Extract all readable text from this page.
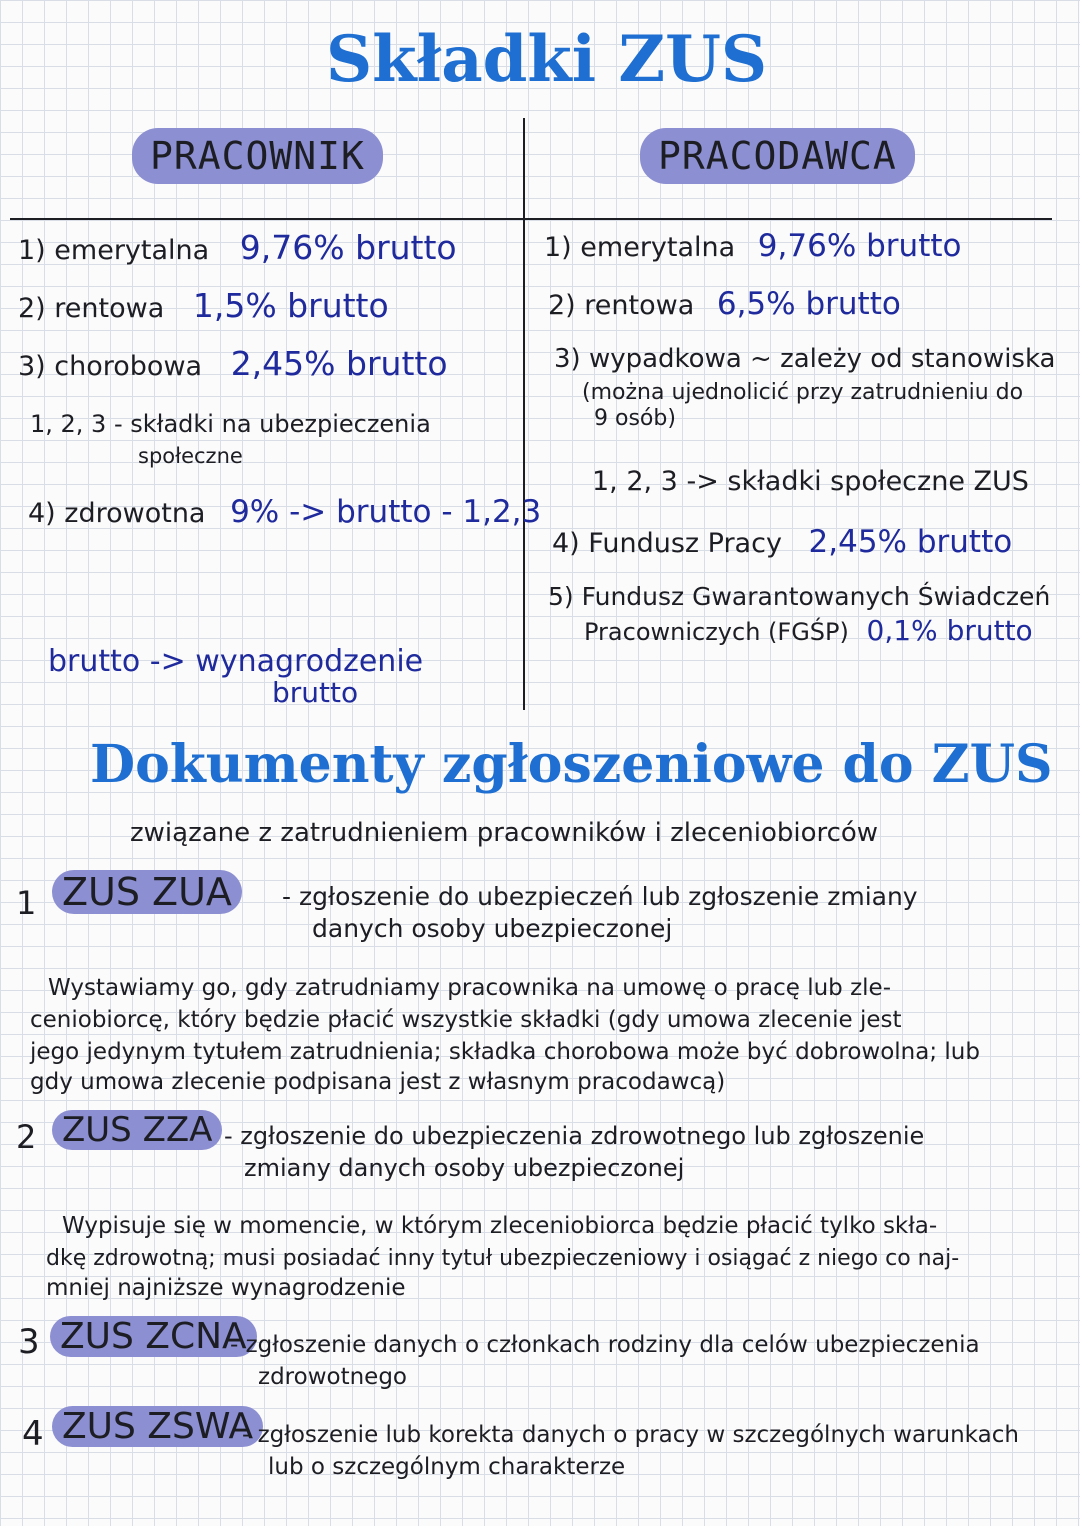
Składki ZUS
PRACOWNIK	PRACODAWCA
1) emerytalna 9,76% brutto
2) rentowa 1,5% brutto
3) chorobowa 2,45% brutto
1, 2, 3 - składki na ubezpieczenia
społeczne
4) zdrowotna 9% -> brutto - 1,2,3
brutto -> wynagrodzenie
brutto
1) emerytalna 9,76% brutto
2) rentowa 6,5% brutto
3) wypadkowa ~ zależy od stanowiska
(można ujednolicić przy zatrudnieniu do
9 osób)
1, 2, 3 -> składki społeczne ZUS
4) Fundusz Pracy 2,45% brutto
5) Fundusz Gwarantowanych Świadczeń
Pracowniczych (FGŚP) 0,1% brutto
Dokumenty zgłoszeniowe do ZUS
związane z zatrudnieniem pracowników i zleceniobiorców
1 ZUS ZUA	- zgłoszenie do ubezpieczeń lub zgłoszenie zmiany
danych osoby ubezpieczonej
Wystawiamy go, gdy zatrudniamy pracownika na umowę o pracę lub zle-
ceniobiorcę, który będzie płacić wszystkie składki (gdy umowa zlecenie jest
jego jedynym tytułem zatrudnienia; składka chorobowa może być dobrowolna; lub
gdy umowa zlecenie podpisana jest z własnym pracodawcą)
2 ZUS ZZA - zgłoszenie do ubezpieczenia zdrowotnego lub zgłoszenie
zmiany danych osoby ubezpieczonej
Wypisuje się w momencie, w którym zleceniobiorca będzie płacić tylko skła-
dkę zdrowotną; musi posiadać inny tytuł ubezpieczeniowy i osiągać z niego co naj-
mniej najniższe wynagrodzenie
3 ZUS ZCNA
- zgłoszenie danych o członkach rodziny dla celów ubezpieczenia
zdrowotnego
4 ZUS ZSWA
- zgłoszenie lub korekta danych o pracy w szczególnych warunkach
lub o szczególnym charakterze
